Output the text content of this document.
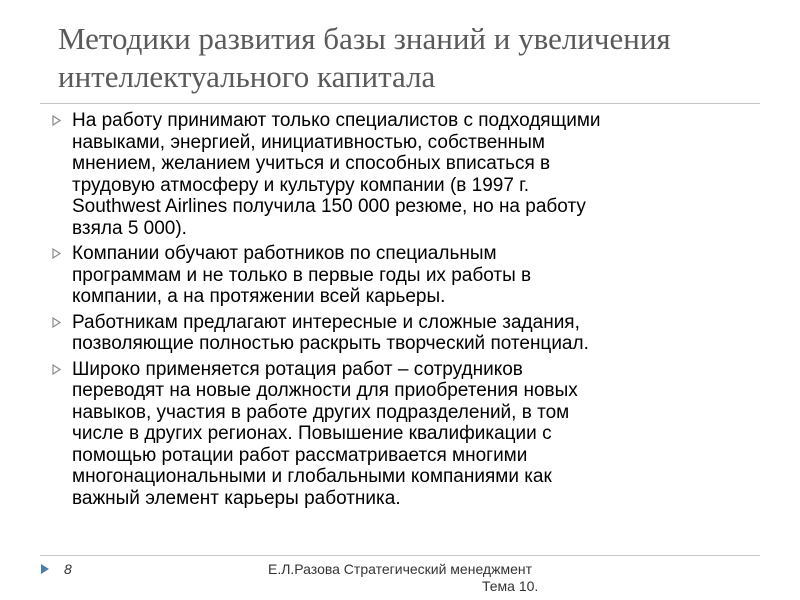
Методики развития базы знаний и увеличения
интеллектуального капитала
На работу принимают только специалистов с подходящими
навыками, энергией, инициативностью, собственным
мнением, желанием учиться и способных вписаться в
трудовую атмосферу и культуру компании (в 1997 г.
Southwest Airlines получила 150 000 резюме, но на работу
взяла 5 000).
Компании обучают работников по специальным
программам и не только в первые годы их работы в
компании, а на протяжении всей карьеры.
Работникам предлагают интересные и сложные задания,
позволяющие полностью раскрыть творческий потенциал.
Широко применяется ротация работ – сотрудников
переводят на новые должности для приобретения новых
навыков, участия в работе других подразделений, в том
числе в других регионах. Повышение квалификации с
помощью ротации работ рассматривается многими
многонациональными и глобальными компаниями как
важный элемент карьеры работника.
8	Е.Л.Разова Стратегический менеджмент
Тема 10.
